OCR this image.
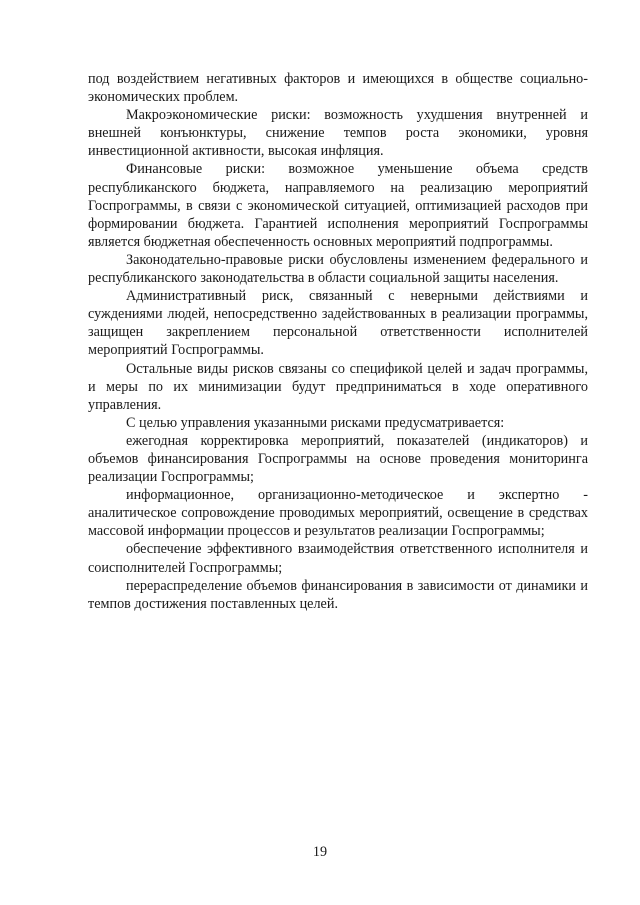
под воздействием негативных факторов и имеющихся в обществе социально-экономических проблем.

Макроэкономические риски: возможность ухудшения внутренней и внешней конъюнктуры, снижение темпов роста экономики, уровня инвестиционной активности, высокая инфляция.

Финансовые риски: возможное уменьшение объема средств республиканского бюджета, направляемого на реализацию мероприятий Госпрограммы, в связи с экономической ситуацией, оптимизацией расходов при формировании бюджета. Гарантией исполнения мероприятий Госпрограммы является бюджетная обеспеченность основных мероприятий подпрограммы.

Законодательно-правовые риски обусловлены изменением федерального и республиканского законодательства в области социальной защиты населения.

Административный риск, связанный с неверными действиями и суждениями людей, непосредственно задействованных в реализации программы, защищен закреплением персональной ответственности исполнителей мероприятий Госпрограммы.

Остальные виды рисков связаны со спецификой целей и задач программы, и меры по их минимизации будут предприниматься в ходе оперативного управления.

С целью управления указанными рисками предусматривается:

ежегодная корректировка мероприятий, показателей (индикаторов) и объемов финансирования Госпрограммы на основе проведения мониторинга реализации Госпрограммы;

информационное, организационно-методическое и экспертно - аналитическое сопровождение проводимых мероприятий, освещение в средствах массовой информации процессов и результатов реализации Госпрограммы;

обеспечение эффективного взаимодействия ответственного исполнителя и соисполнителей Госпрограммы;

перераспределение объемов финансирования в зависимости от динамики и темпов достижения поставленных целей.

19
